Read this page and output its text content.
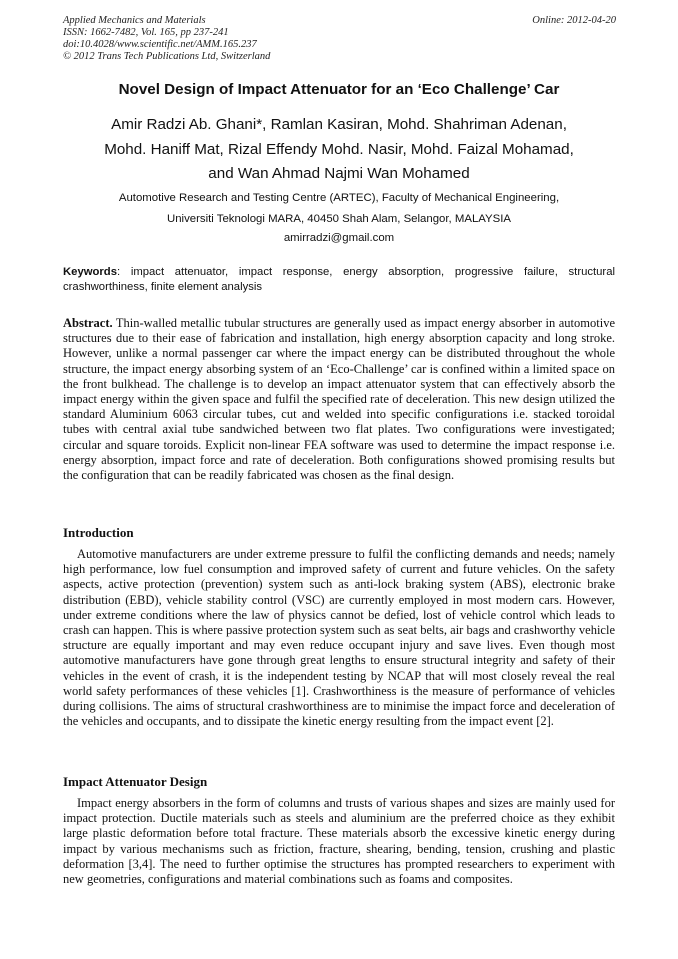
Applied Mechanics and Materials
ISSN: 1662-7482, Vol. 165, pp 237-241
doi:10.4028/www.scientific.net/AMM.165.237
© 2012 Trans Tech Publications Ltd, Switzerland
Online: 2012-04-20
Novel Design of Impact Attenuator for an ‘Eco Challenge’ Car
Amir Radzi Ab. Ghani*, Ramlan Kasiran, Mohd. Shahriman Adenan,
Mohd. Haniff Mat, Rizal Effendy Mohd. Nasir, Mohd. Faizal Mohamad,
and Wan Ahmad Najmi Wan Mohamed
Automotive Research and Testing Centre (ARTEC), Faculty of Mechanical Engineering,
Universiti Teknologi MARA, 40450 Shah Alam, Selangor, MALAYSIA
amirradzi@gmail.com
Keywords: impact attenuator, impact response, energy absorption, progressive failure, structural crashworthiness, finite element analysis
Abstract. Thin-walled metallic tubular structures are generally used as impact energy absorber in automotive structures due to their ease of fabrication and installation, high energy absorption capacity and long stroke. However, unlike a normal passenger car where the impact energy can be distributed throughout the whole structure, the impact energy absorbing system of an ‘Eco-Challenge’ car is confined within a limited space on the front bulkhead. The challenge is to develop an impact attenuator system that can effectively absorb the impact energy within the given space and fulfil the specified rate of deceleration. This new design utilized the standard Aluminium 6063 circular tubes, cut and welded into specific configurations i.e. stacked toroidal tubes with central axial tube sandwiched between two flat plates. Two configurations were investigated; circular and square toroids. Explicit non-linear FEA software was used to determine the impact response i.e. energy absorption, impact force and rate of deceleration. Both configurations showed promising results but the configuration that can be readily fabricated was chosen as the final design.
Introduction

Automotive manufacturers are under extreme pressure to fulfil the conflicting demands and needs; namely high performance, low fuel consumption and improved safety of current and future vehicles. On the safety aspects, active protection (prevention) system such as anti-lock braking system (ABS), electronic brake distribution (EBD), vehicle stability control (VSC) are currently employed in most modern cars. However, under extreme conditions where the law of physics cannot be defied, lost of vehicle control which leads to crash can happen. This is where passive protection system such as seat belts, air bags and crashworthy vehicle structure are equally important and may even reduce occupant injury and save lives. Even though most automotive manufacturers have gone through great lengths to ensure structural integrity and safety of their vehicles in the event of crash, it is the independent testing by NCAP that will most closely reveal the real world safety performances of these vehicles [1]. Crashworthiness is the measure of performance of vehicles during collisions. The aims of structural crashworthiness are to minimise the impact force and deceleration of the vehicles and occupants, and to dissipate the kinetic energy resulting from the impact event [2].

Impact Attenuator Design

Impact energy absorbers in the form of columns and trusts of various shapes and sizes are mainly used for impact protection. Ductile materials such as steels and aluminium are the preferred choice as they exhibit large plastic deformation before total fracture. These materials absorb the excessive kinetic energy during impact by various mechanisms such as friction, fracture, shearing, bending, tension, crushing and plastic deformation [3,4]. The need to further optimise the structures has prompted researchers to experiment with new geometries, configurations and material combinations such as foams and composites.
